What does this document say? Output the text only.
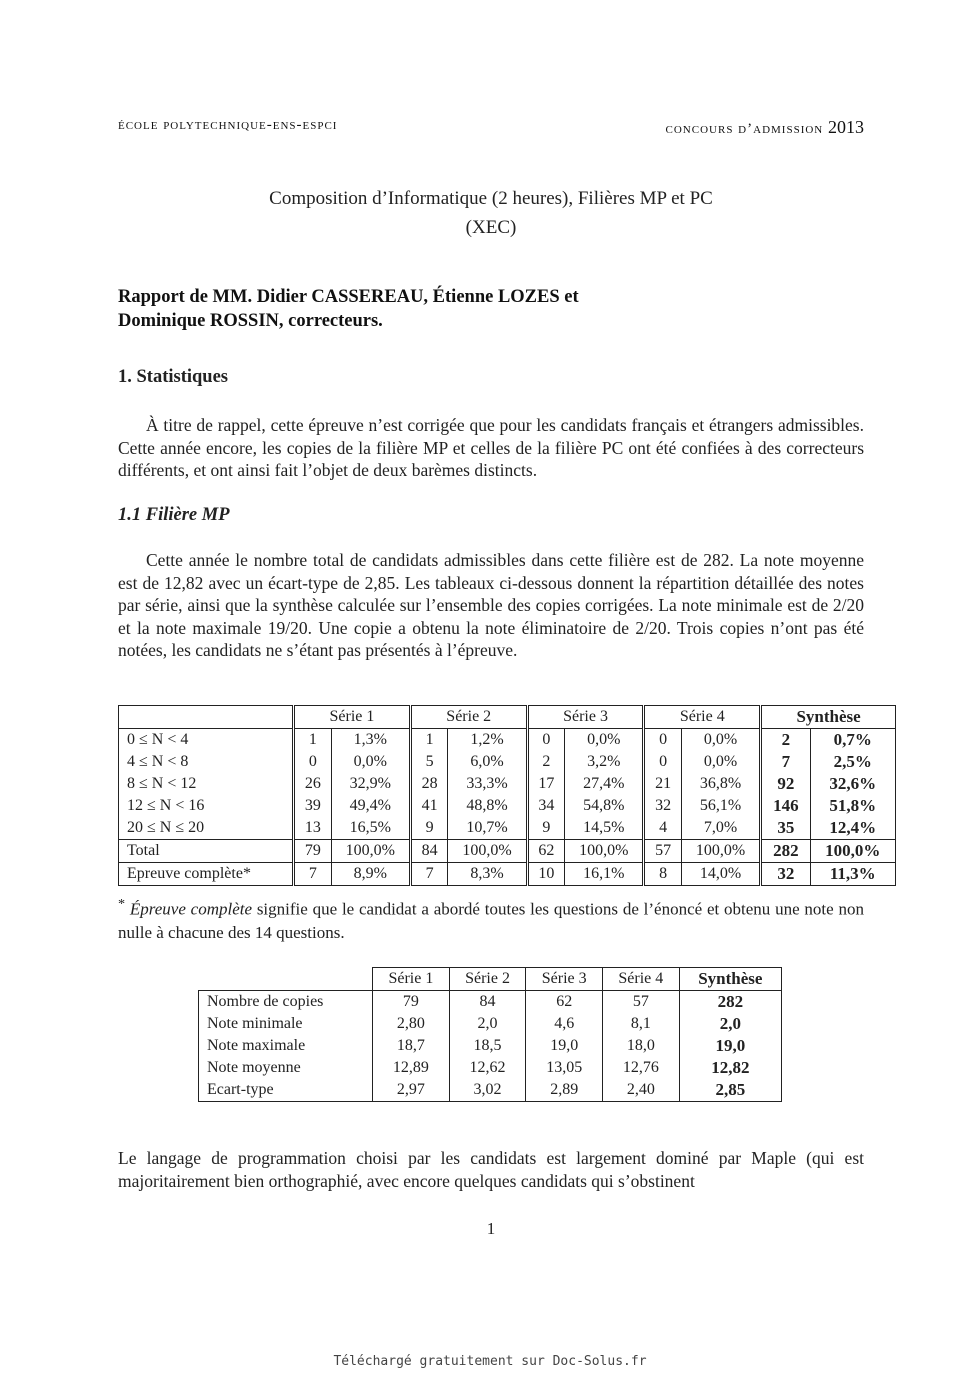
école polytechnique-ens-espci	concours d’admission 2013
Composition d’Informatique (2 heures), Filières MP et PC
(XEC)
Rapport de MM. Didier CASSEREAU, Étienne LOZES et
Dominique ROSSIN, correcteurs.
1. Statistiques

À titre de rappel, cette épreuve n’est corrigée que pour les candidats français et étrangers admissibles. Cette année encore, les copies de la filière MP et celles de la filière PC ont été confiées à des correcteurs différents, et ont ainsi fait l’objet de deux barèmes distincts.

1.1 Filière MP

Cette année le nombre total de candidats admissibles dans cette filière est de 282. La note moyenne est de 12,82 avec un écart-type de 2,85. Les tableaux ci-dessous donnent la répartition détaillée des notes par série, ainsi que la synthèse calculée sur l’ensemble des copies corrigées. La note minimale est de 2/20 et la note maximale 19/20. Une copie a obtenu la note éliminatoire de 2/20. Trois copies n’ont pas été notées, les candidats ne s’étant pas présentés à l’épreuve.

	Série 1		Série 2		Série 3		Série 4		Synthèse	
0 ≤ N < 4	1	1,3%	1	1,2%	0	0,0%	0	0,0%	2	0,7%
4 ≤ N < 8	0	0,0%	5	6,0%	2	3,2%	0	0,0%	7	2,5%
8 ≤ N < 12	26	32,9%	28	33,3%	17	27,4%	21	36,8%	92	32,6%
12 ≤ N < 16	39	49,4%	41	48,8%	34	54,8%	32	56,1%	146	51,8%
20 ≤ N ≤ 20	13	16,5%	9	10,7%	9	14,5%	4	7,0%	35	12,4%
Total	79	100,0%	84	100,0%	62	100,0%	57	100,0%	282	100,0%
Epreuve complète*	7	8,9%	7	8,3%	10	16,1%	8	14,0%	32	11,3%
* Épreuve complète signifie que le candidat a abordé toutes les questions de l’énoncé et obtenu une note non nulle à chacune des 14 questions.
	Série 1	Série 2	Série 3	Série 4	Synthèse
Nombre de copies	79	84	62	57	282
Note minimale	2,80	2,0	4,6	8,1	2,0
Note maximale	18,7	18,5	19,0	18,0	19,0
Note moyenne	12,89	12,62	13,05	12,76	12,82
Ecart-type	2,97	3,02	2,89	2,40	2,85

Le langage de programmation choisi par les candidats est largement dominé par Maple (qui est majoritairement bien orthographié, avec encore quelques candidats qui s’obstinent

1
Téléchargé gratuitement sur Doc-Solus.fr
